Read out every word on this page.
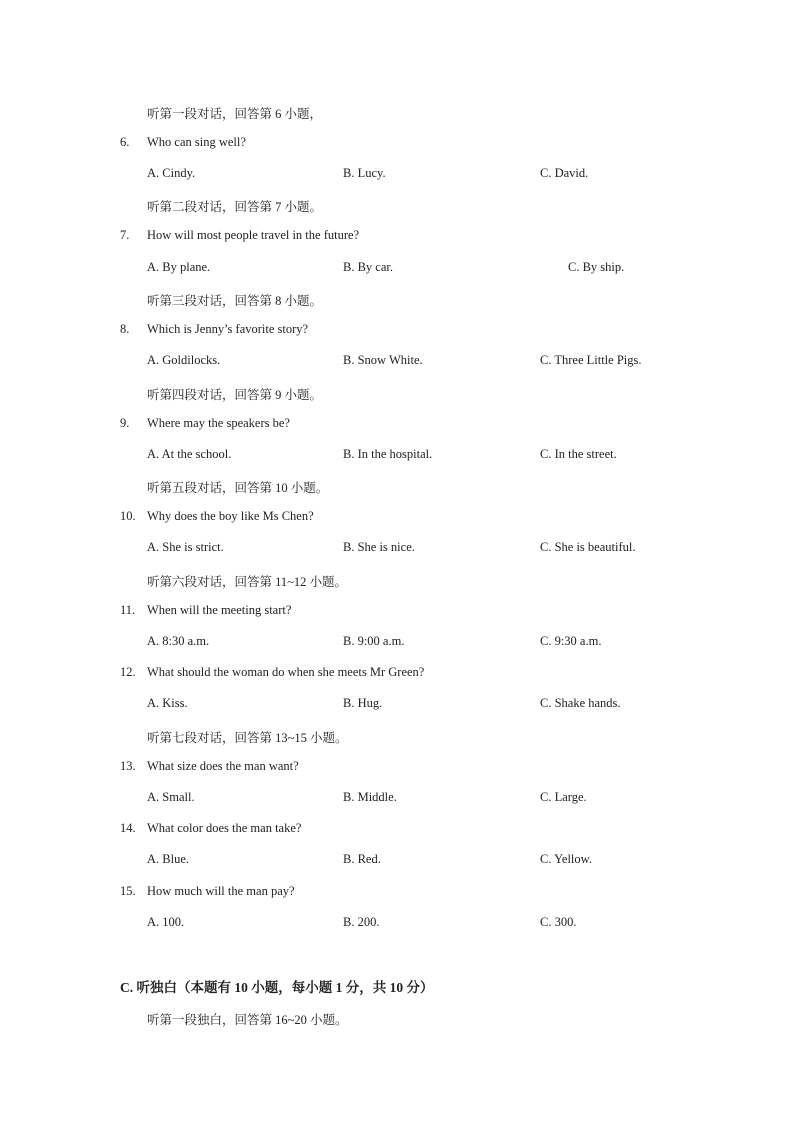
听第一段对话，回答第 6 小题，
6. Who can sing well?
A. Cindy.	B. Lucy.	C. David.
听第二段对话，回答第 7 小题。
7. How will most people travel in the future?
A. By plane.	B. By car.	C. By ship.
听第三段对话，回答第 8 小题。
8. Which is Jenny’s favorite story?
A. Goldilocks.	B. Snow White.	C. Three Little Pigs.
听第四段对话，回答第 9 小题。
9. Where may the speakers be?
A. At the school.	B. In the hospital.	C. In the street.
听第五段对话，回答第 10 小题。
10. Why does the boy like Ms Chen?
A. She is strict.	B. She is nice.	C. She is beautiful.
听第六段对话，回答第 11~12 小题。
11. When will the meeting start?
A. 8:30 a.m.	B. 9:00 a.m.	C. 9:30 a.m.
12. What should the woman do when she meets Mr Green?
A. Kiss.	B. Hug.	C. Shake hands.
听第七段对话，回答第 13~15 小题。
13. What size does the man want?
A. Small.	B. Middle.	C. Large.
14. What color does the man take?
A. Blue.	B. Red.	C. Yellow.
15. How much will the man pay?
A. 100.	B. 200.	C. 300.
C. 听独白（本题有 10 小题，每小题 1 分，共 10 分）
听第一段独白，回答第 16~20 小题。
